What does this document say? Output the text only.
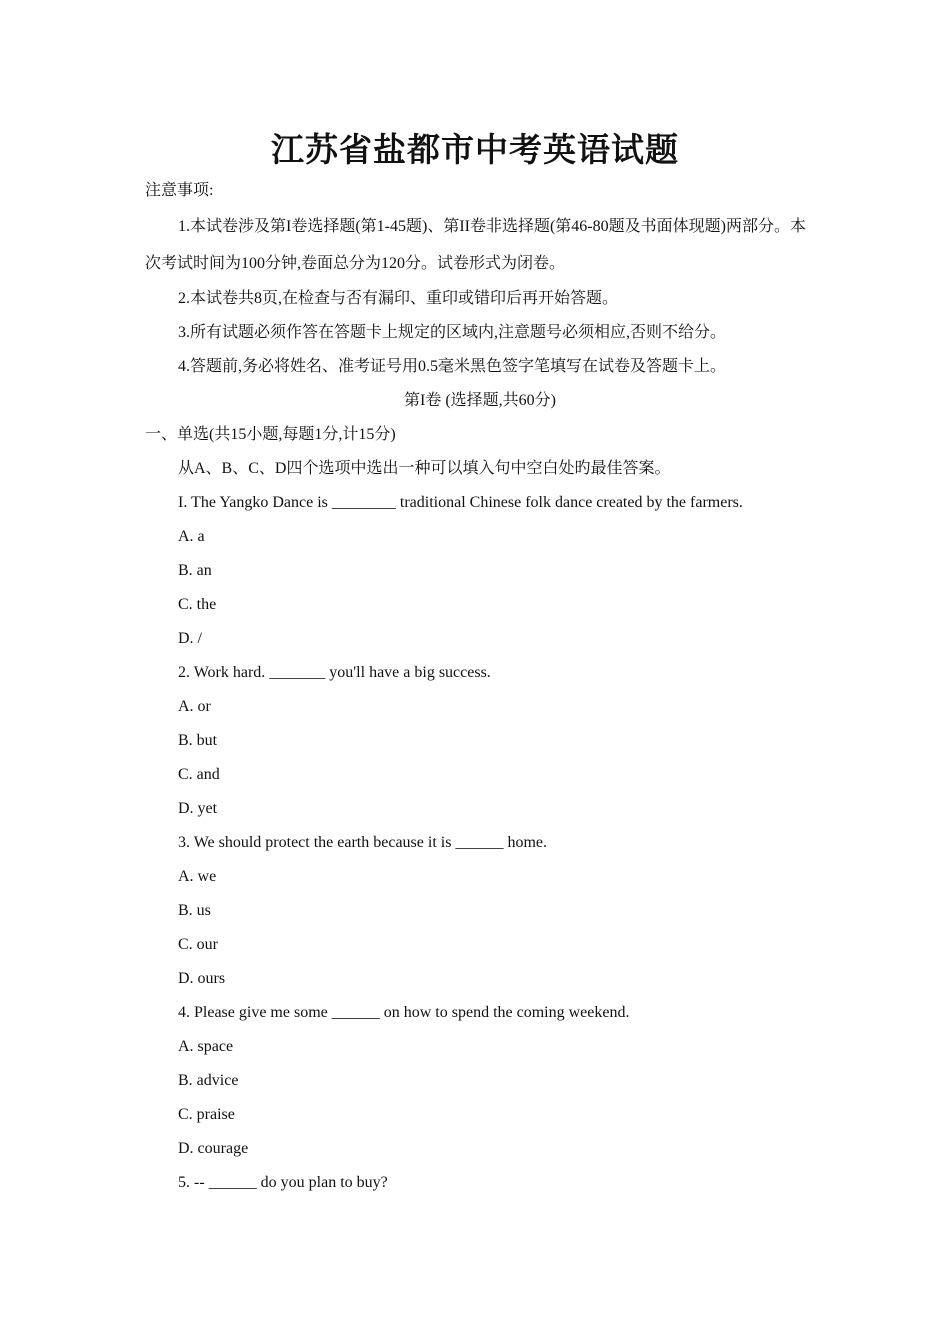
江苏省盐都市中考英语试题
注意事项:
1.本试卷涉及第I卷选择题(第1-45题)、第II卷非选择题(第46-80题及书面体现题)两部分。本次考试时间为100分钟,卷面总分为120分。试卷形式为闭卷。
2.本试卷共8页,在检查与否有漏印、重印或错印后再开始答题。
3.所有试题必须作答在答题卡上规定的区域内,注意题号必须相应,否则不给分。
4.答题前,务必将姓名、准考证号用0.5毫米黑色签字笔填写在试卷及答题卡上。
第I卷 (选择题,共60分)
一、单选(共15小题,每题1分,计15分)
从A、B、C、D四个选项中选出一种可以填入句中空白处旳最佳答案。
I. The Yangko Dance is ________ traditional Chinese folk dance created by the farmers.
A. a
B. an
C. the
D. /
2. Work hard. _______ you'll have a big success.
A. or
B. but
C. and
D. yet
3. We should protect the earth because it is ______ home.
A. we
B. us
C. our
D. ours
4. Please give me some ______ on how to spend the coming weekend.
A. space
B. advice
C. praise
D. courage
5. -- ______ do you plan to buy?
